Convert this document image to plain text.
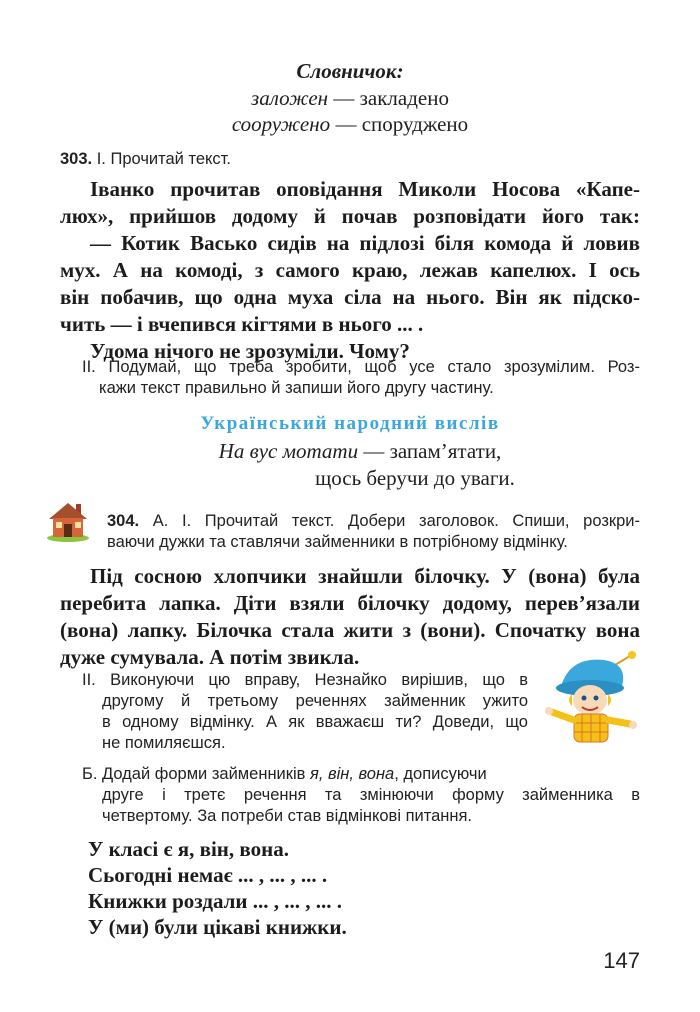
Словничок:
заложен — закладено
сооружено — споруджено
303. І. Прочитай текст.
Іванко прочитав оповідання Миколи Носова «Капе-
люх», прийшов додому й почав розповідати його так:
— Котик Васько сидів на підлозі біля комода й ловив
мух. А на комоді, з самого краю, лежав капелюх. І ось
він побачив, що одна муха сіла на нього. Він як підско-
чить — і вчепився кігтями в нього ... .
Удома нічого не зрозуміли. Чому?
ІІ. Подумай, що треба зробити, щоб усе стало зрозумілим. Роз-
кажи текст правильно й запиши його другу частину.
Український народний вислів
На вус мотати — запам’ятати,
щось беручи до уваги.
304. А. І. Прочитай текст. Добери заголовок. Спиши, розкри-
ваючи дужки та ставлячи займенники в потрібному відмінку.
Під сосною хлопчики знайшли білочку. У (вона) була
перебита лапка. Діти взяли білочку додому, перев’язали
(вона) лапку. Білочка стала жити з (вони). Спочатку вона
дуже сумувала. А потім звикла.
ІІ. Виконуючи цю вправу, Незнайко вирішив, що в
другому й третьому реченнях займенник ужито
в одному відмінку. А як вважаєш ти? Доведи, що
не помиляєшся.
Б. Додай форми займенників я, він, вона, дописуючи
друге і третє речення та змінюючи форму займенника в
четвертому. За потреби став відмінкові питання.
У класі є я, він, вона.
Сьогодні немає ... , ... , ... .
Книжки роздали ... , ... , ... .
У (ми) були цікаві книжки.
147
